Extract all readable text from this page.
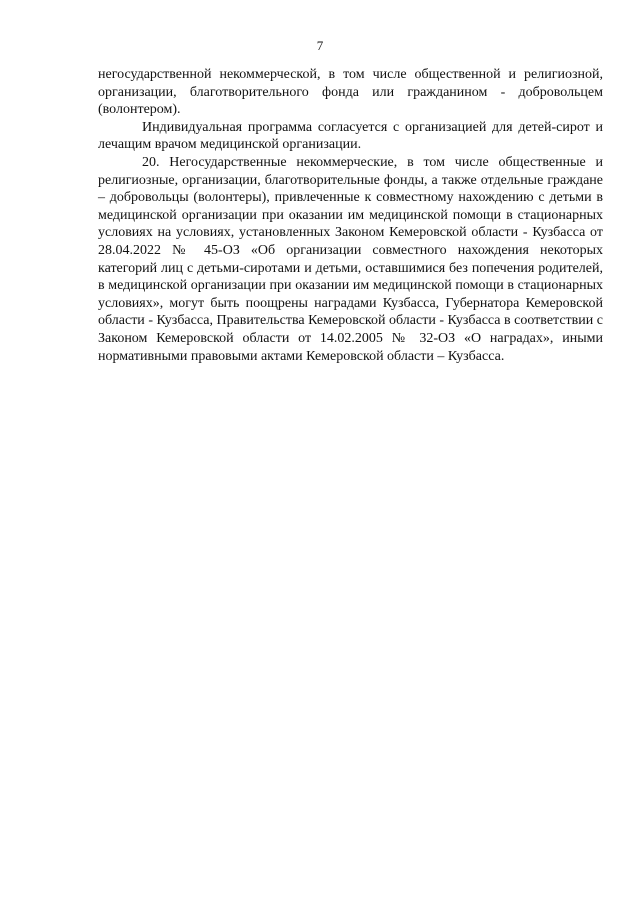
7

негосударственной некоммерческой, в том числе общественной и религиозной, организации, благотворительного фонда или гражданином - добровольцем (волонтером).

Индивидуальная программа согласуется с организацией для детей-сирот и лечащим врачом медицинской организации.

20. Негосударственные некоммерческие, в том числе общественные и религиозные, организации, благотворительные фонды, а также отдельные граждане – добровольцы (волонтеры), привлеченные к совместному нахождению с детьми в медицинской организации при оказании им медицинской помощи в стационарных условиях на условиях, установленных Законом Кемеровской области - Кузбасса от 28.04.2022 № 45-ОЗ «Об организации совместного нахождения некоторых категорий лиц с детьми-сиротами и детьми, оставшимися без попечения родителей, в медицинской организации при оказании им медицинской помощи в стационарных условиях», могут быть поощрены наградами Кузбасса, Губернатора Кемеровской области - Кузбасса, Правительства Кемеровской области - Кузбасса в соответствии с Законом Кемеровской области от 14.02.2005 № 32-ОЗ «О наградах», иными нормативными правовыми актами Кемеровской области – Кузбасса.
